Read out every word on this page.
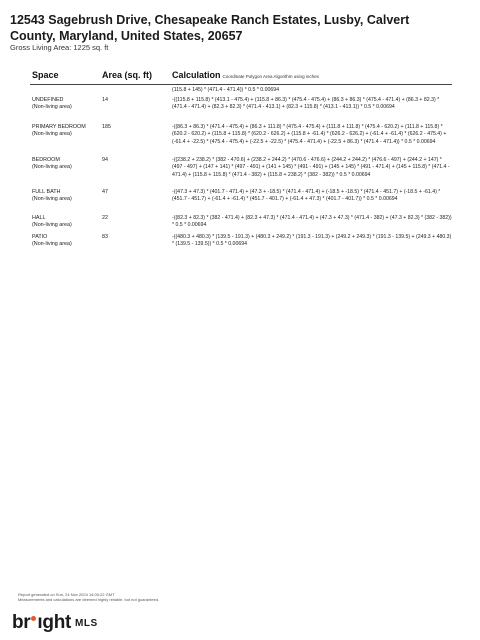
12543 Sagebrush Drive, Chesapeake Ranch Estates, Lusby, Calvert County, Maryland, United States, 20657
Gross Living Area: 1225 sq. ft
Space	Area (sq. ft) Calculation Coordinate Polygon Area Algorithm using inches
(115.8 + 145) * (471.4 - 471.4)) * 0.5 * 0.00694
UNDEFINED
(Non-living area)
14	-((115.8 + 115.8) * (413.1 - 475.4) + (115.8 + 86.3) * (475.4 - 475.4) + (86.3 + 86.3) * (475.4 - 471.4) + (86.3 + 82.3) * (471.4 - 471.4) + (82.3 + 82.3) * (471.4 - 413.1) + (82.3 + 115.8) * (413.1 - 413.1)) * 0.5 * 0.00694
PRIMARY BEDROOM
(Non-living area)
185	-((86.3 + 86.3) * (471.4 - 475.4) + (86.3 + 111.8) * (475.4 - 475.4) + (111.8 + 111.8) * (475.4 - 620.2) + (111.8 + 115.8) * (620.2 - 620.2) + (115.8 + 115.8) * (620.2 - 626.2) + (115.8 + -61.4) * (626.2 - 626.2) + (-61.4 + -61.4) * (626.2 - 475.4) + (-61.4 + -22.5) * (475.4 - 475.4) + (-22.5 + -22.5) * (475.4 - 471.4) + (-22.5 + 86.3) * (471.4 - 471.4)) * 0.5 * 0.00694
BEDROOM
(Non-living area)
94	-((238.2 + 238.2) * (382 - 470.6) + (238.2 + 244.2) * (470.6 - 476.6) + (244.2 + 244.2) * (476.6 - 497) + (244.2 + 147) * (497 - 497) + (147 + 141) * (497 - 491) + (141 + 145) * (491 - 491) + (145 + 145) * (491 - 471.4) + (145 + 115.8) * (471.4 - 471.4) + (115.8 + 115.8) * (471.4 - 382) + (115.8 + 238.2) * (382 - 382)) * 0.5 * 0.00694
FULL BATH
(Non-living area)
47	-((47.3 + 47.3) * (401.7 - 471.4) + (47.3 + -18.5) * (471.4 - 471.4) + (-18.5 + -18.5) * (471.4 - 451.7) + (-18.5 + -61.4) * (451.7 - 451.7) + (-61.4 + -61.4) * (451.7 - 401.7) + (-61.4 + 47.3) * (401.7 - 401.7)) * 0.5 * 0.00694
HALL
(Non-living area)
22	-((82.3 + 82.3) * (382 - 471.4) + (82.3 + 47.3) * (471.4 - 471.4) + (47.3 + 47.3) * (471.4 - 382) + (47.3 + 82.3) * (382 - 382)) * 0.5 * 0.00694
PATIO
(Non-living area)
83	-((480.3 + 480.3) * (139.5 - 191.3) + (480.3 + 249.2) * (191.3 - 191.3) + (249.2 + 249.3) * (191.3 - 139.5) + (249.3 + 480.3) * (139.5 - 139.5)) * 0.5 * 0.00694
Report generated on Sun, 24 Nov 2024 14:00:22 GMT
Measurements and calculations are deemed highly reliable, but not guaranteed.
br ı ght MLS
